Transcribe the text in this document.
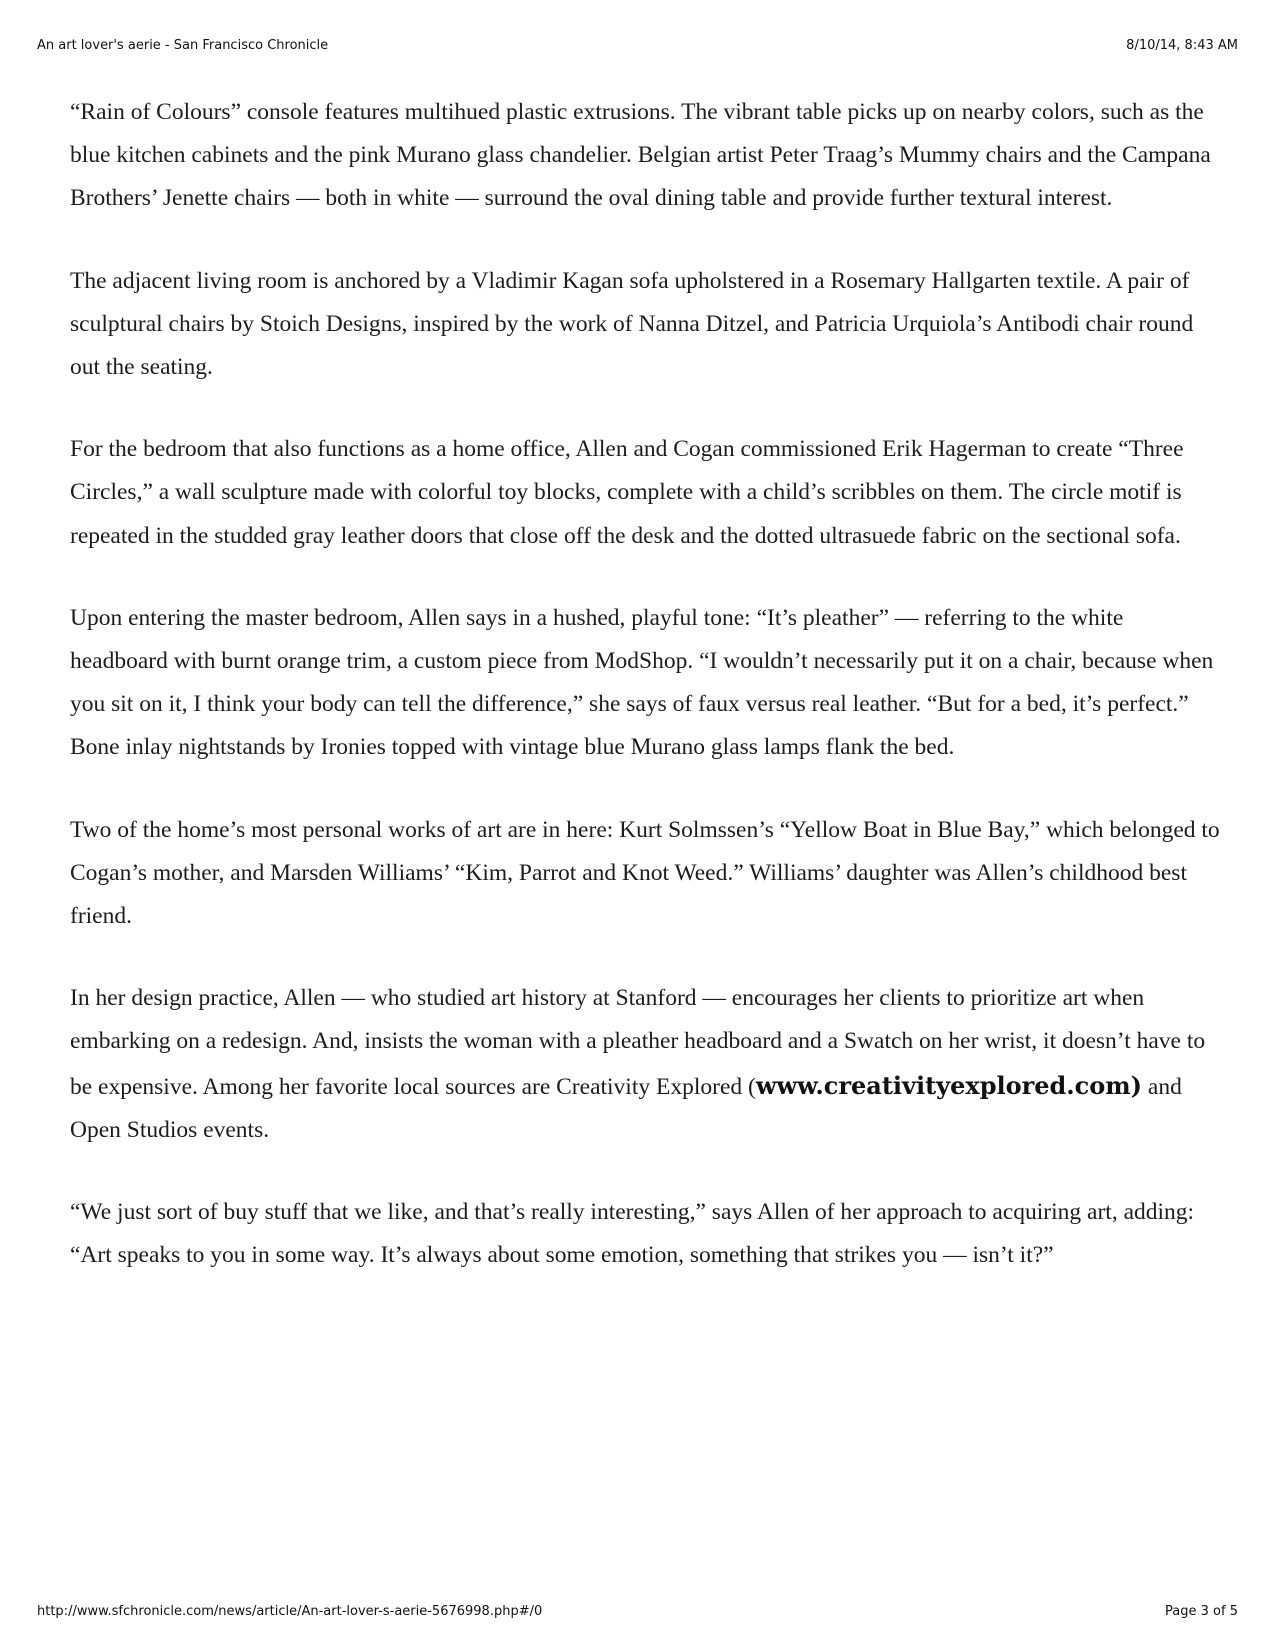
An art lover's aerie - San Francisco Chronicle	8/10/14, 8:43 AM

“Rain of Colours” console features multihued plastic extrusions. The vibrant table picks up on nearby colors, such as the blue kitchen cabinets and the pink Murano glass chandelier. Belgian artist Peter Traag’s Mummy chairs and the Campana Brothers’ Jenette chairs — both in white — surround the oval dining table and provide further textural interest.

The adjacent living room is anchored by a Vladimir Kagan sofa upholstered in a Rosemary Hallgarten textile. A pair of sculptural chairs by Stoich Designs, inspired by the work of Nanna Ditzel, and Patricia Urquiola’s Antibodi chair round out the seating.

For the bedroom that also functions as a home office, Allen and Cogan commissioned Erik Hagerman to create “Three Circles,” a wall sculpture made with colorful toy blocks, complete with a child’s scribbles on them. The circle motif is repeated in the studded gray leather doors that close off the desk and the dotted ultrasuede fabric on the sectional sofa.

Upon entering the master bedroom, Allen says in a hushed, playful tone: “It’s pleather” — referring to the white headboard with burnt orange trim, a custom piece from ModShop. “I wouldn’t necessarily put it on a chair, because when you sit on it, I think your body can tell the difference,” she says of faux versus real leather. “But for a bed, it’s perfect.” Bone inlay nightstands by Ironies topped with vintage blue Murano glass lamps flank the bed.

Two of the home’s most personal works of art are in here: Kurt Solmssen’s “Yellow Boat in Blue Bay,” which belonged to Cogan’s mother, and Marsden Williams’ “Kim, Parrot and Knot Weed.” Williams’ daughter was Allen’s childhood best friend.

In her design practice, Allen — who studied art history at Stanford — encourages her clients to prioritize art when embarking on a redesign. And, insists the woman with a pleather headboard and a Swatch on her wrist, it doesn’t have to be expensive. Among her favorite local sources are Creativity Explored (www.creativityexplored.com) and Open Studios events.

“We just sort of buy stuff that we like, and that’s really interesting,” says Allen of her approach to acquiring art, adding: “Art speaks to you in some way. It’s always about some emotion, something that strikes you — isn’t it?”

http://www.sfchronicle.com/news/article/An-art-lover-s-aerie-5676998.php#/0	Page 3 of 5
